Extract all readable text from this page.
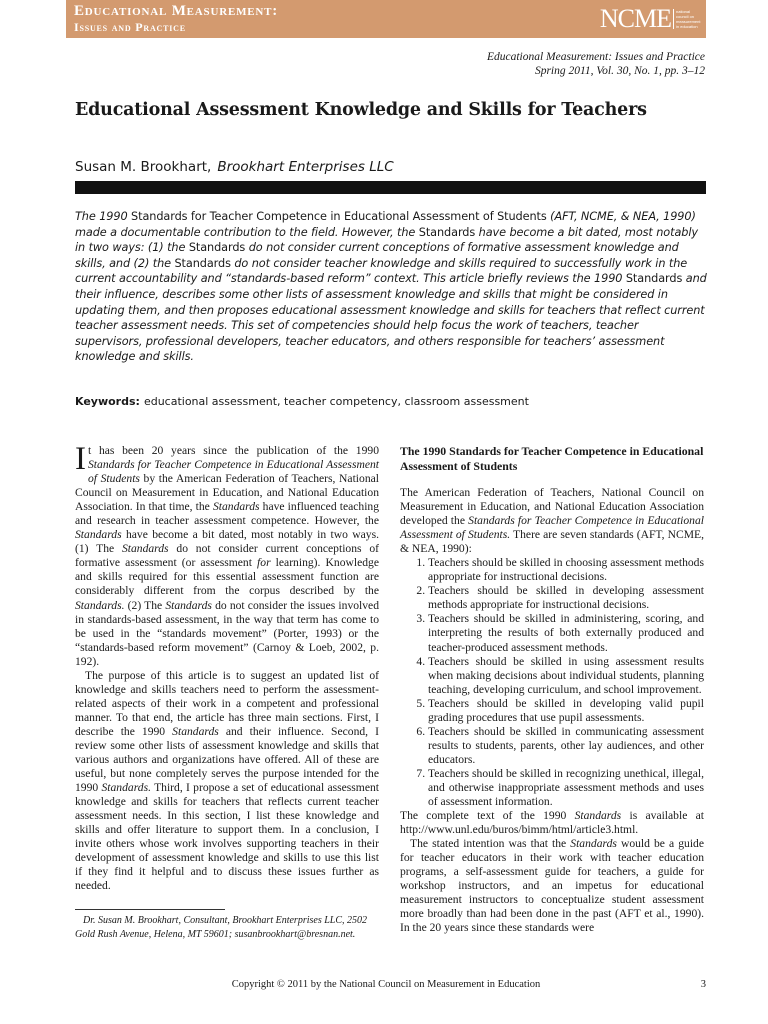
Educational Measurement:
Issues and Practice	NCME	national council on measurement in education
Educational Measurement: Issues and Practice
Spring 2011, Vol. 30, No. 1, pp. 3–12
Educational Assessment Knowledge and Skills for Teachers
Susan M. Brookhart, Brookhart Enterprises LLC

The 1990 Standards for Teacher Competence in Educational Assessment of Students (AFT, NCME, & NEA, 1990) made a documentable contribution to the field. However, the Standards have become a bit dated, most notably in two ways: (1) the Standards do not consider current conceptions of formative assessment knowledge and skills, and (2) the Standards do not consider teacher knowledge and skills required to successfully work in the current accountability and “standards-based reform” context. This article briefly reviews the 1990 Standards and their influence, describes some other lists of assessment knowledge and skills that might be considered in updating them, and then proposes educational assessment knowledge and skills for teachers that reflect current teacher assessment needs. This set of competencies should help focus the work of teachers, teacher supervisors, professional developers, teacher educators, and others responsible for teachers’ assessment knowledge and skills.

Keywords: educational assessment, teacher competency, classroom assessment

It has been 20 years since the publication of the 1990 Standards for Teacher Competence in Educational Assessment of Students by the American Federation of Teachers, National Council on Measurement in Education, and National Education Association. In that time, the Standards have influenced teaching and research in teacher assessment competence. However, the Standards have become a bit dated, most notably in two ways. (1) The Standards do not consider current conceptions of formative assessment (or assessment for learning). Knowledge and skills required for this essential assessment function are considerably different from the corpus described by the Standards. (2) The Standards do not consider the issues involved in standards-based assessment, in the way that term has come to be used in the “standards movement” (Porter, 1993) or the “standards-based reform movement” (Carnoy & Loeb, 2002, p. 192).

The purpose of this article is to suggest an updated list of knowledge and skills teachers need to perform the assessment-related aspects of their work in a competent and professional manner. To that end, the article has three main sections. First, I describe the 1990 Standards and their influence. Second, I review some other lists of assessment knowledge and skills that various authors and organizations have offered. All of these are useful, but none completely serves the purpose intended for the 1990 Standards. Third, I propose a set of educational assessment knowledge and skills for teachers that reflects current teacher assessment needs. In this section, I list these knowledge and skills and offer literature to support them. In a conclusion, I invite others whose work involves supporting teachers in their development of assessment knowledge and skills to use this list if they find it helpful and to discuss these issues further as needed.

Dr. Susan M. Brookhart, Consultant, Brookhart Enterprises LLC, 2502 Gold Rush Avenue, Helena, MT 59601; susanbrookhart@bresnan.net.

The 1990 Standards for Teacher Competence in Educational Assessment of Students

The American Federation of Teachers, National Council on Measurement in Education, and National Education Association developed the Standards for Teacher Competence in Educational Assessment of Students. There are seven standards (AFT, NCME, & NEA, 1990):

1. Teachers should be skilled in choosing assessment methods appropriate for instructional decisions.
2. Teachers should be skilled in developing assessment methods appropriate for instructional decisions.
3. Teachers should be skilled in administering, scoring, and interpreting the results of both externally produced and teacher-produced assessment methods.
4. Teachers should be skilled in using assessment results when making decisions about individual students, planning teaching, developing curriculum, and school improvement.
5. Teachers should be skilled in developing valid pupil grading procedures that use pupil assessments.
6. Teachers should be skilled in communicating assessment results to students, parents, other lay audiences, and other educators.
7. Teachers should be skilled in recognizing unethical, illegal, and otherwise inappropriate assessment methods and uses of assessment information.

The complete text of the 1990 Standards is available at http://www.unl.edu/buros/bimm/html/article3.html.

The stated intention was that the Standards would be a guide for teacher educators in their work with teacher education programs, a self-assessment guide for teachers, a guide for workshop instructors, and an impetus for educational measurement instructors to conceptualize student assessment more broadly than had been done in the past (AFT et al., 1990). In the 20 years since these standards were

Copyright © 2011 by the National Council on Measurement in Education	3
